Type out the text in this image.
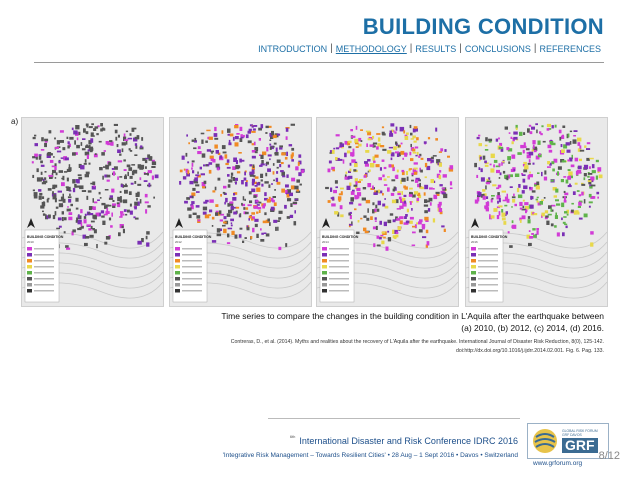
BUILDING CONDITION
INTRODUCTION | METHODOLOGY | RESULTS | CONCLUSIONS | REFERENCES
a)
BUILDING CONDITION
2010
BUILDING CONDITION
2012
BUILDING CONDITION
2014
BUILDING CONDITION
2016
Time series to compare the changes in the building condition in L'Aquila after the earthquake between
(a) 2010, (b) 2012, (c) 2014, (d) 2016.
Contreras, D., et al. (2014). Myths and realities about the recovery of L'Aquila after the earthquake. International Journal of Disaster Risk Reduction, 8(0), 125-142.
doi:http://dx.doi.org/10.1016/j.ijdrr.2014.02.001. Fig. 6. Pag. 133.
$^{6th}$ International Disaster and Risk Conference IDRC 2016
'Integrative Risk Management – Towards Resilient Cities' • 28 Aug – 1 Sept 2016 • Davos • Switzerland
GLOBAL RISK FORUM
GRF DAVOS
GRF
www.grforum.org
8/12
